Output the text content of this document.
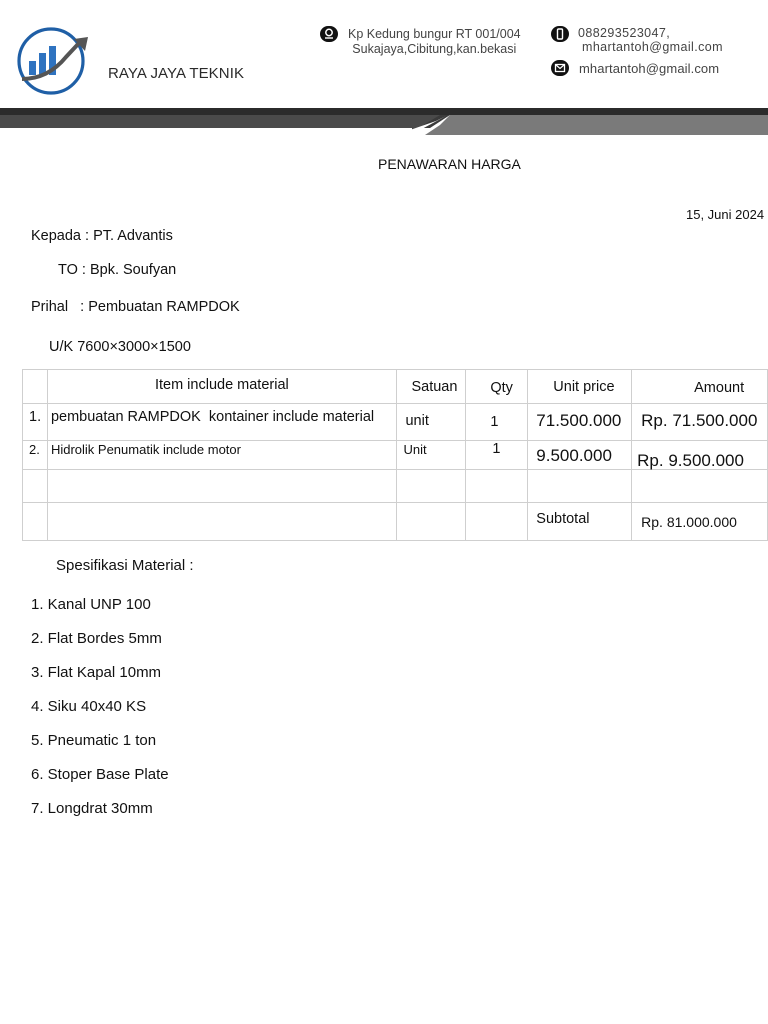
RAYA JAYA TEKNIK
Kp Kedung bungur RT 001/004
Sukajaya,Cibitung,kan.bekasi
088293523047,
mhartantoh@gmail.com
mhartantoh@gmail.com
PENAWARAN HARGA
15, Juni 2024
Kepada : PT. Advantis
TO : Bpk. Soufyan
Prihal   : Pembuatan RAMPDOK
U/K 7600×3000×1500

	Item include material	Satuan	Qty	Unit price	Amount

1.	pembuatan RAMPDOK  kontainer include material	unit	1	71.500.000	Rp. 71.500.000

2.	Hidrolik Penumatik include motor	Unit	1	9.500.000	Rp. 9.500.000

				Subtotal	Rp. 81.000.000
Spesifikasi Material :
1. Kanal UNP 100
2. Flat Bordes 5mm
3. Flat Kapal 10mm
4. Siku 40x40 KS
5. Pneumatic 1 ton
6. Stoper Base Plate
7. Longdrat 30mm
